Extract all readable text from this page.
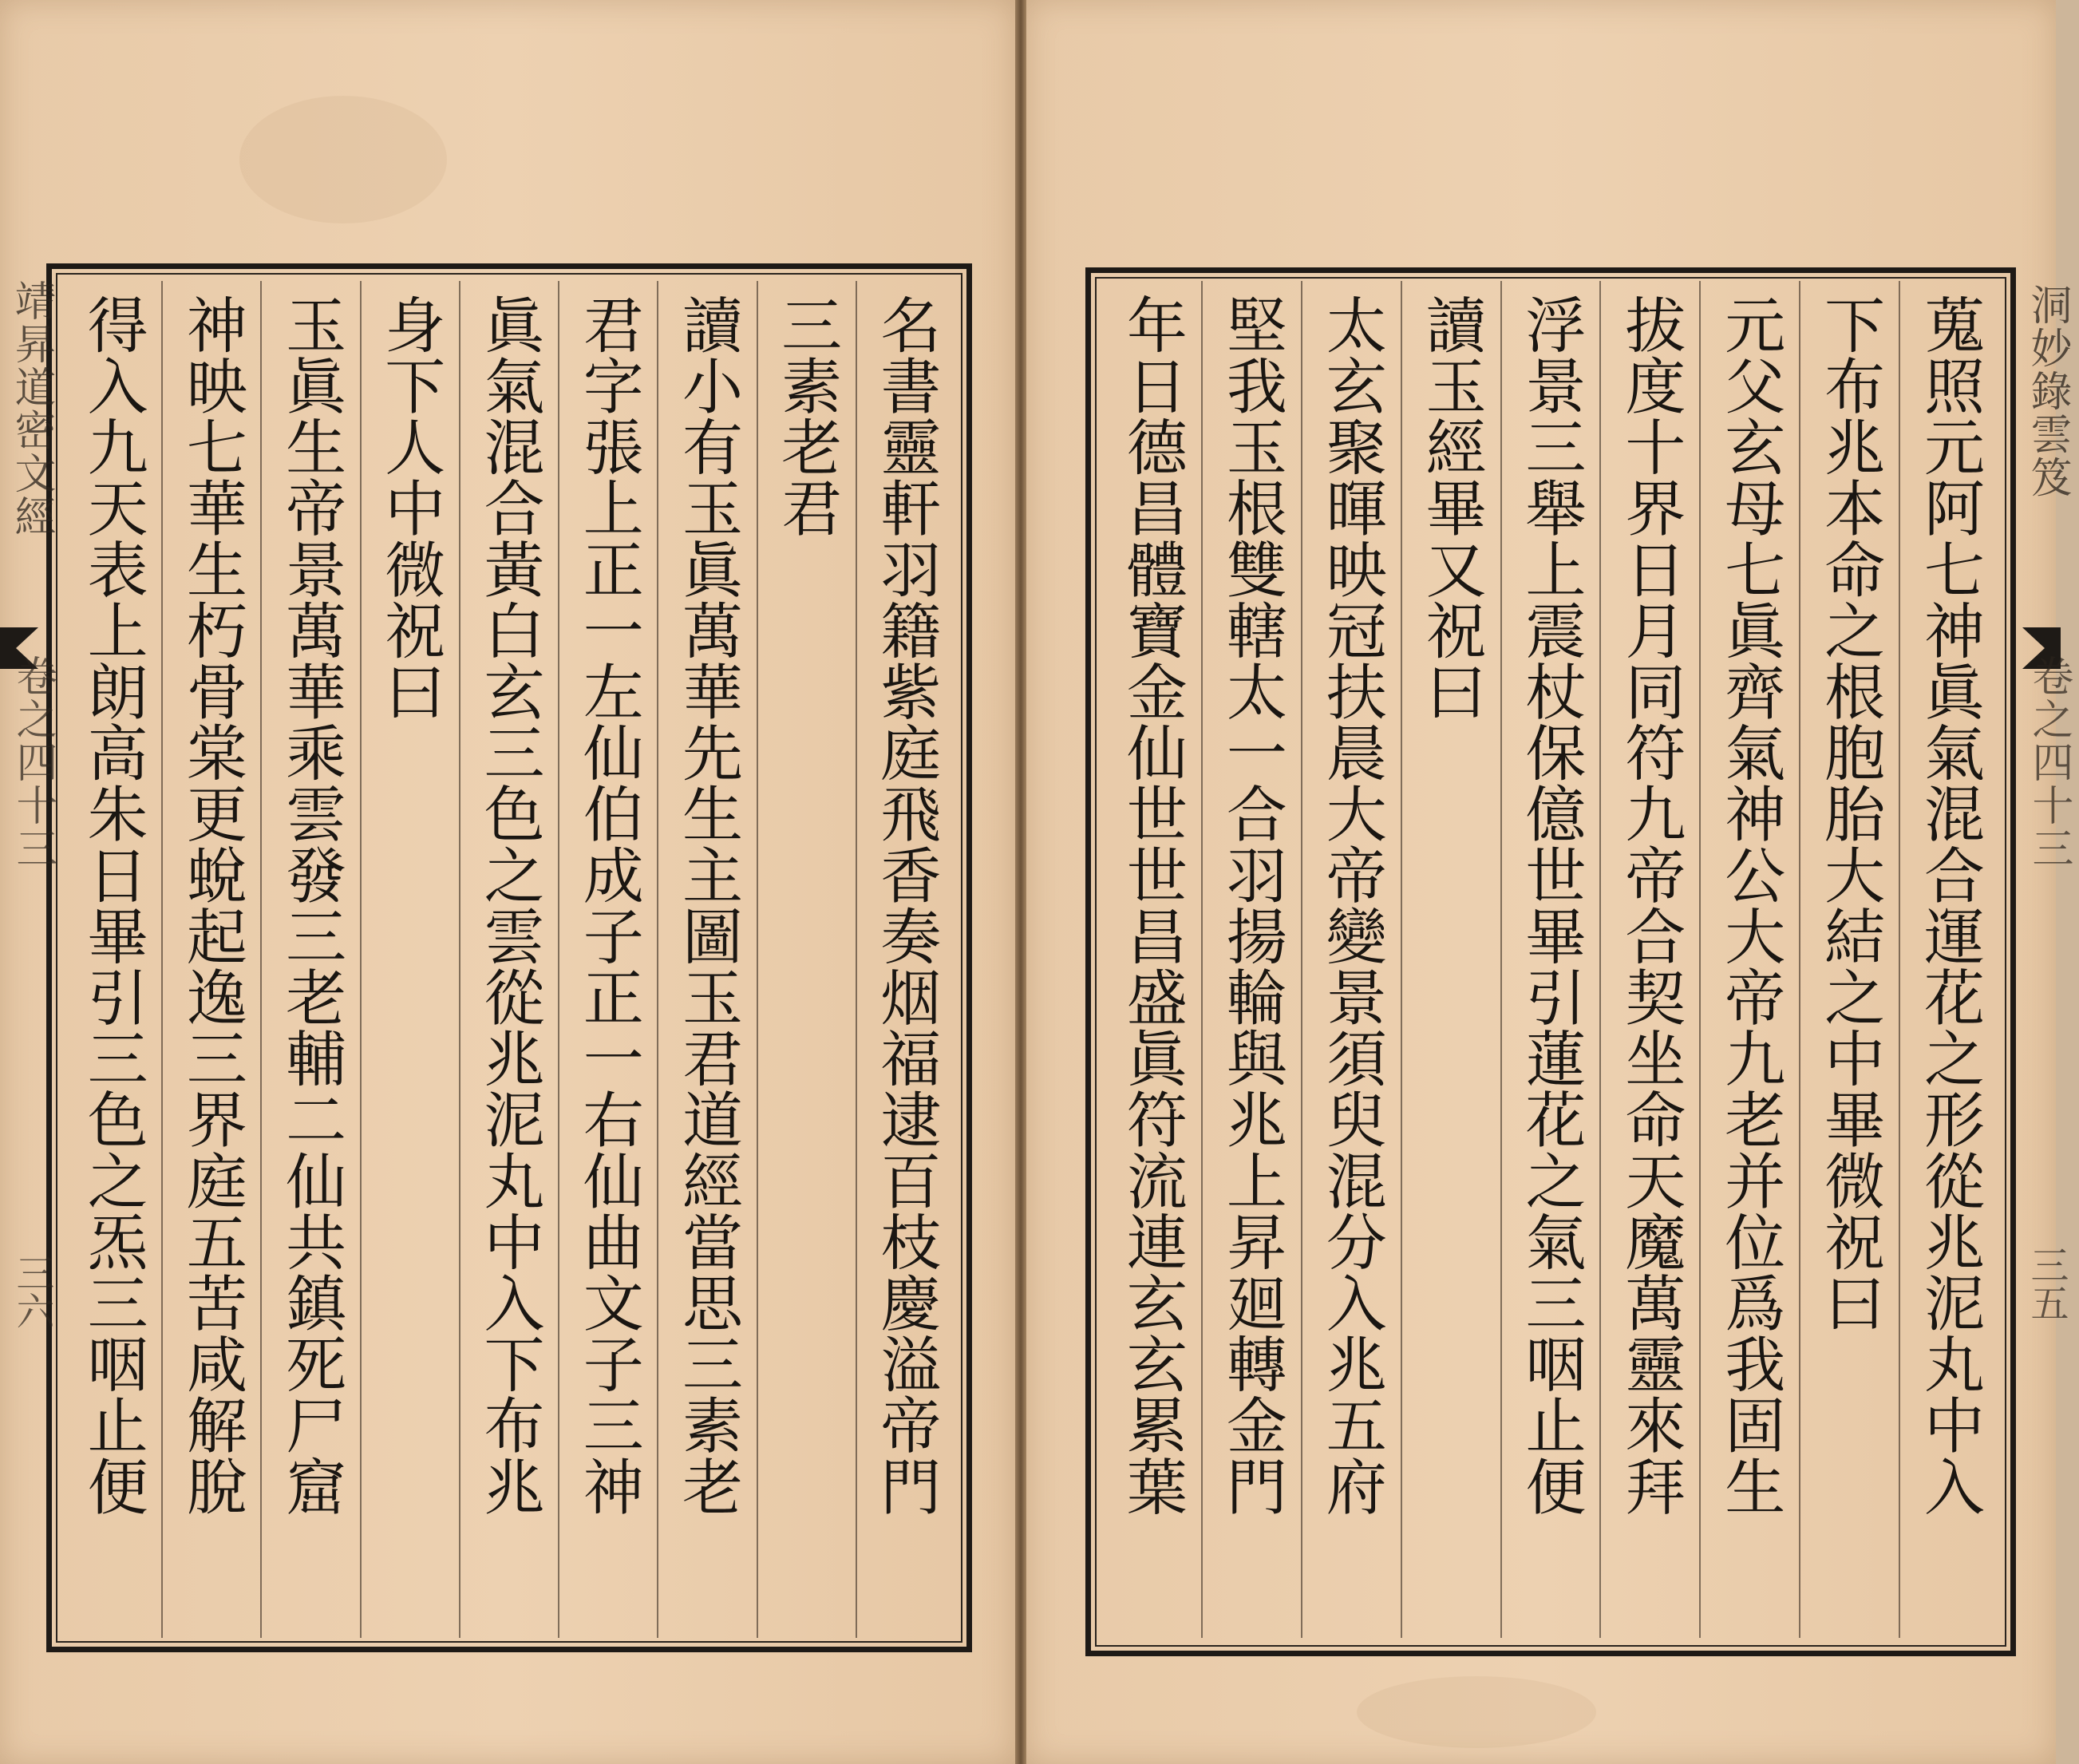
靖昇道密文經
卷之四十三
三六
洞妙錄雲笈
卷之四十三
三五
名書靈軒羽籍紫庭飛香奏烟福逮百枝慶溢帝門
三素老君
讀小有玉眞萬華先生主圖玉君道經當思三素老
君字張上正一左仙伯成子正一右仙曲文子三神
眞氣混合黃白玄三色之雲從兆泥丸中入下布兆
身下人中微祝曰
玉眞生帝景萬華乘雲發三老輔二仙共鎮死尸窟
神映七華生朽骨棠更蛻起逸三界庭五苦咸解脫
得入九天表上朗高朱日畢引三色之炁三咽止便	蒐照元阿七神眞氣混合運花之形從兆泥丸中入
下布兆本命之根胞胎大結之中畢微祝曰
元父玄母七眞齊氣神公大帝九老并位爲我固生
拔度十界日月同符九帝合契坐命天魔萬靈來拜
浮景三舉上震杖保億世畢引蓮花之氣三咽止便
讀玉經畢又祝曰
太玄聚暉映冠扶晨大帝變景須臾混分入兆五府
堅我玉根雙轄太一合羽揚輪與兆上昇廻轉金門
年日德昌體寶金仙世世昌盛眞符流連玄玄累葉
